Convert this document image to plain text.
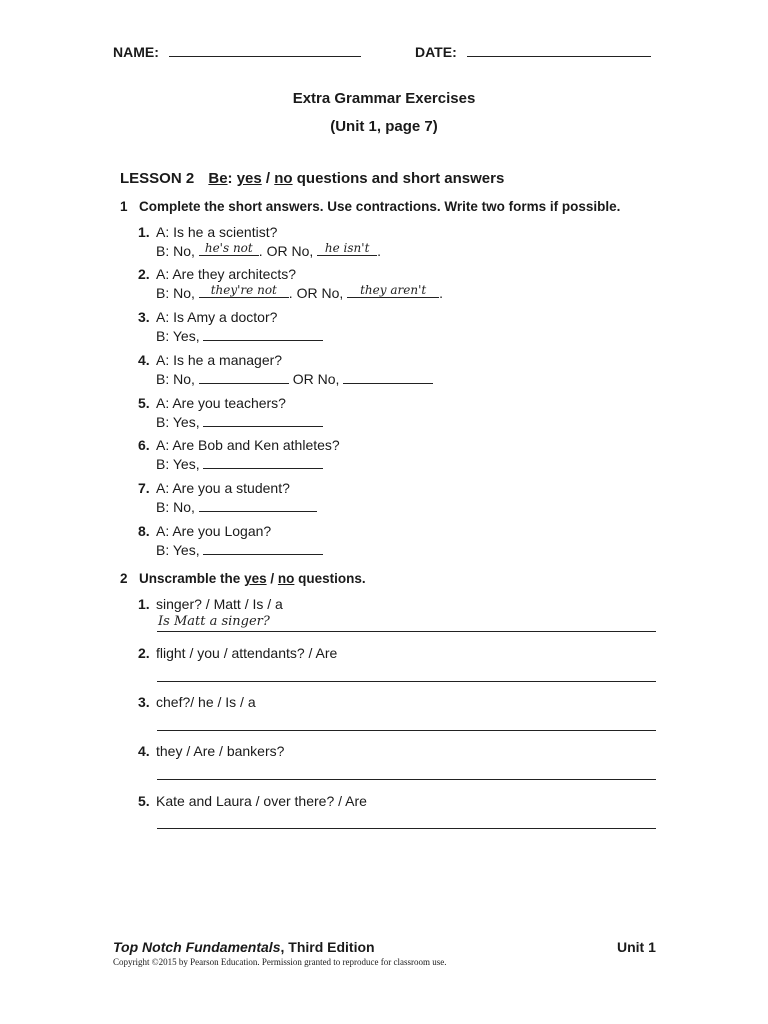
NAME:	DATE:
Extra Grammar Exercises
(Unit 1, page 7)
LESSON 2 Be: yes / no questions and short answers
1 Complete the short answers. Use contractions. Write two forms if possible.
1. A: Is he a scientist?
B: No, he's not . OR No, he isn't .
2. A: Are they architects?
B: No,	they're not . OR No,	they aren't .
3. A: Is Amy a doctor?
B: Yes,
4. A: Is he a manager?
B: No,	OR No,
5. A: Are you teachers?
B: Yes,
6. A: Are Bob and Ken athletes?
B: Yes,
7. A: Are you a student?
B: No,
8. A: Are you Logan?
B: Yes,
2 Unscramble the yes / no questions.
1. singer? / Matt / Is / a
Is Matt a singer?
2. flight / you / attendants? / Are
3. chef?/ he / Is / a
4. they / Are / bankers?
5. Kate and Laura / over there? / Are
Top Notch Fundamentals, Third Edition	Unit 1
Copyright ©2015 by Pearson Education. Permission granted to reproduce for classroom use.
